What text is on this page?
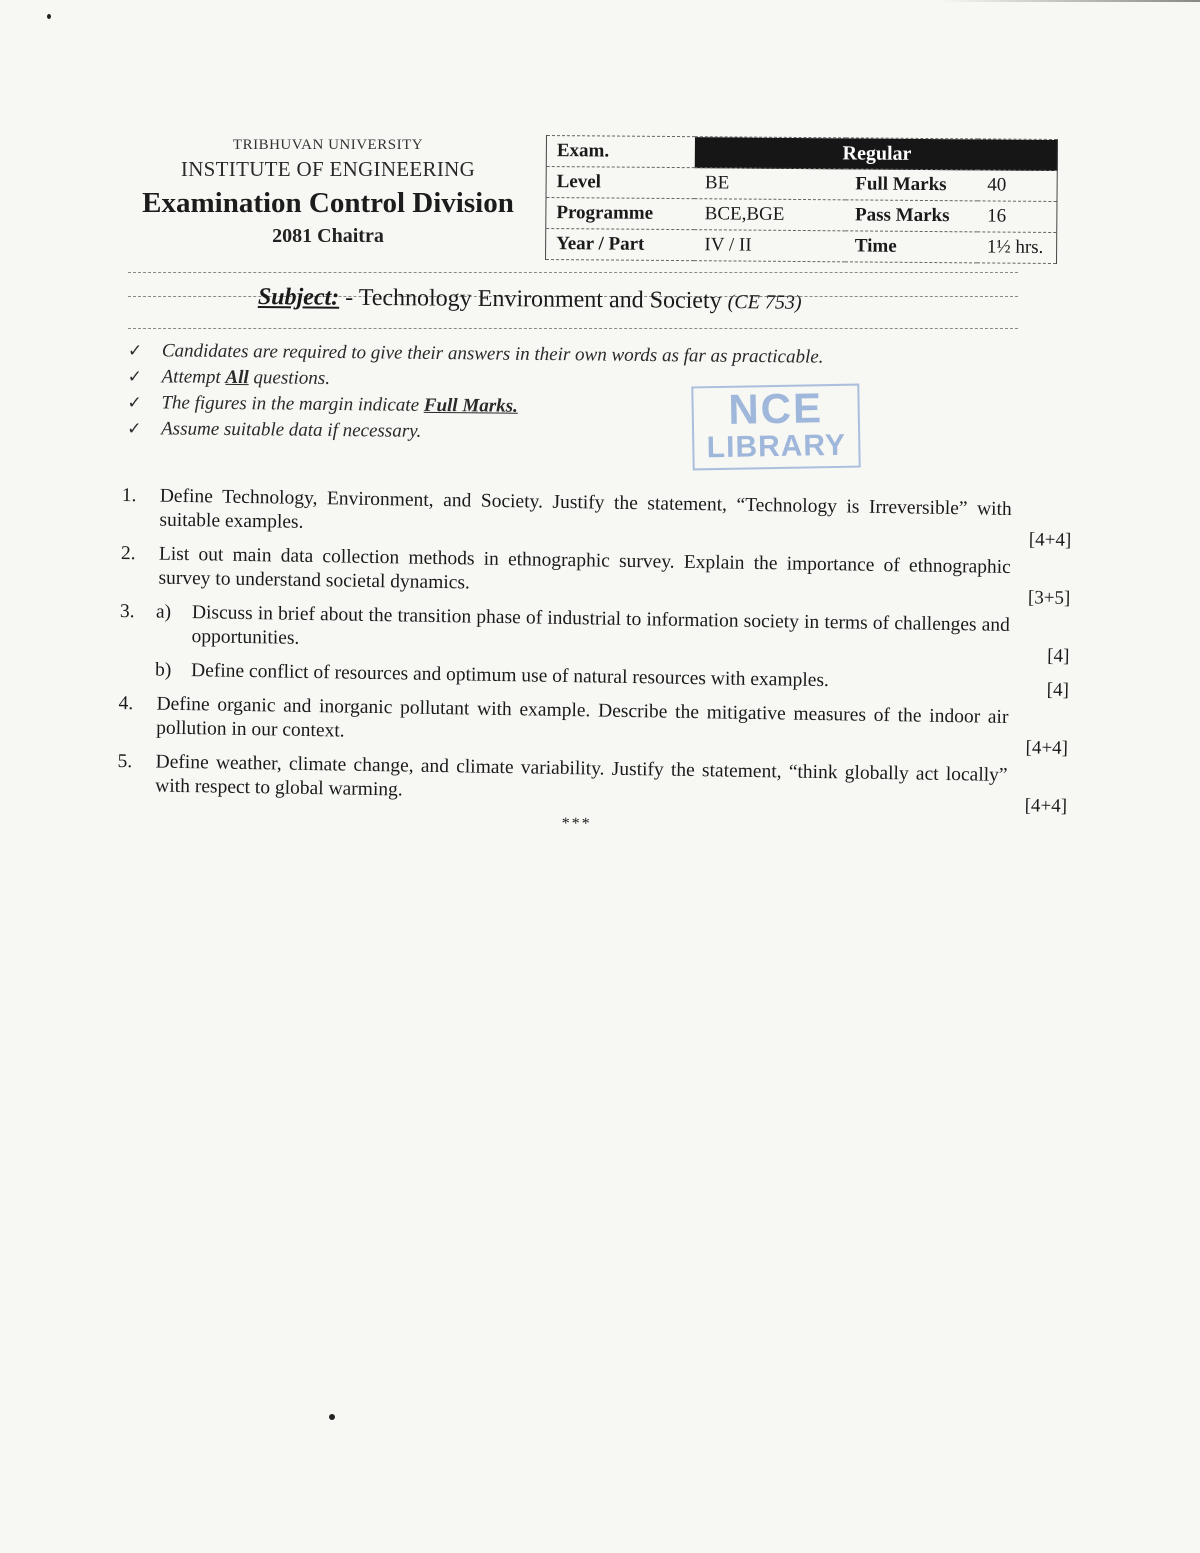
TRIBHUVAN UNIVERSITY
INSTITUTE OF ENGINEERING
Examination Control Division
2081 Chaitra
Exam.	Regular		
Level	BE	Full Marks	40
Programme	BCE,BGE	Pass Marks	16
Year / Part	IV / II	Time	1½ hrs.
Subject: - Technology Environment and Society (CE 753)
✓ Candidates are required to give their answers in their own words as far as practicable.
✓ Attempt All questions.
✓ The figures in the margin indicate Full Marks.
✓ Assume suitable data if necessary.	NCE
LIBRARY
1.	Define Technology, Environment, and Society. Justify the statement, “Technology is Irreversible” with suitable examples.
[4+4]
2.	List out main data collection methods in ethnographic survey. Explain the importance of ethnographic survey to understand societal dynamics.
[3+5]
3.	a) Discuss in brief about the transition phase of industrial to information society in terms of challenges and opportunities.
[4]
b) Define conflict of resources and optimum use of natural resources with examples.	[4]
4.	Define organic and inorganic pollutant with example. Describe the mitigative measures of the indoor air pollution in our context.
[4+4]
5.	Define weather, climate change, and climate variability. Justify the statement, “think globally act locally” with respect to global warming.
[4+4]
***
